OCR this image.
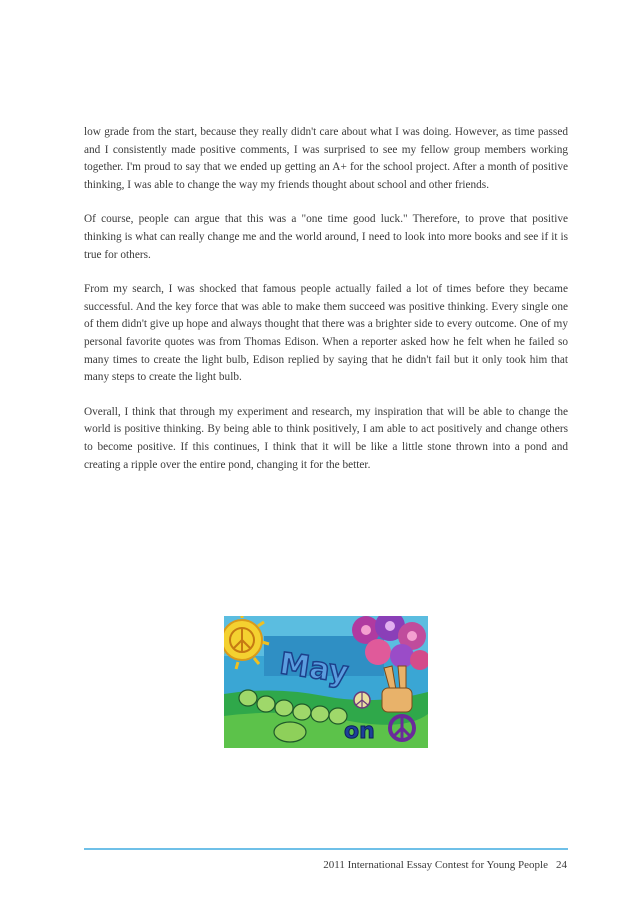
low grade from the start, because they really didn't care about what I was doing. However, as time passed and I consistently made positive comments, I was surprised to see my fellow group members working together. I'm proud to say that we ended up getting an A+ for the school project. After a month of positive thinking, I was able to change the way my friends thought about school and other friends.

Of course, people can argue that this was a "one time good luck." Therefore, to prove that positive thinking is what can really change me and the world around, I need to look into more books and see if it is true for others.

From my search, I was shocked that famous people actually failed a lot of times before they became successful. And the key force that was able to make them succeed was positive thinking. Every single one of them didn't give up hope and always thought that there was a brighter side to every outcome. One of my personal favorite quotes was from Thomas Edison. When a reporter asked how he felt when he failed so many times to create the light bulb, Edison replied by saying that he didn't fail but it only took him that many steps to create the light bulb.

Overall, I think that through my experiment and research, my inspiration that will be able to change the world is positive thinking. By being able to think positively, I am able to act positively and change others to become positive. If this continues, I think that it will be like a little stone thrown into a pond and creating a ripple over the entire pond, changing it for the better.

May
on
2011 International Essay Contest for Young People 24
